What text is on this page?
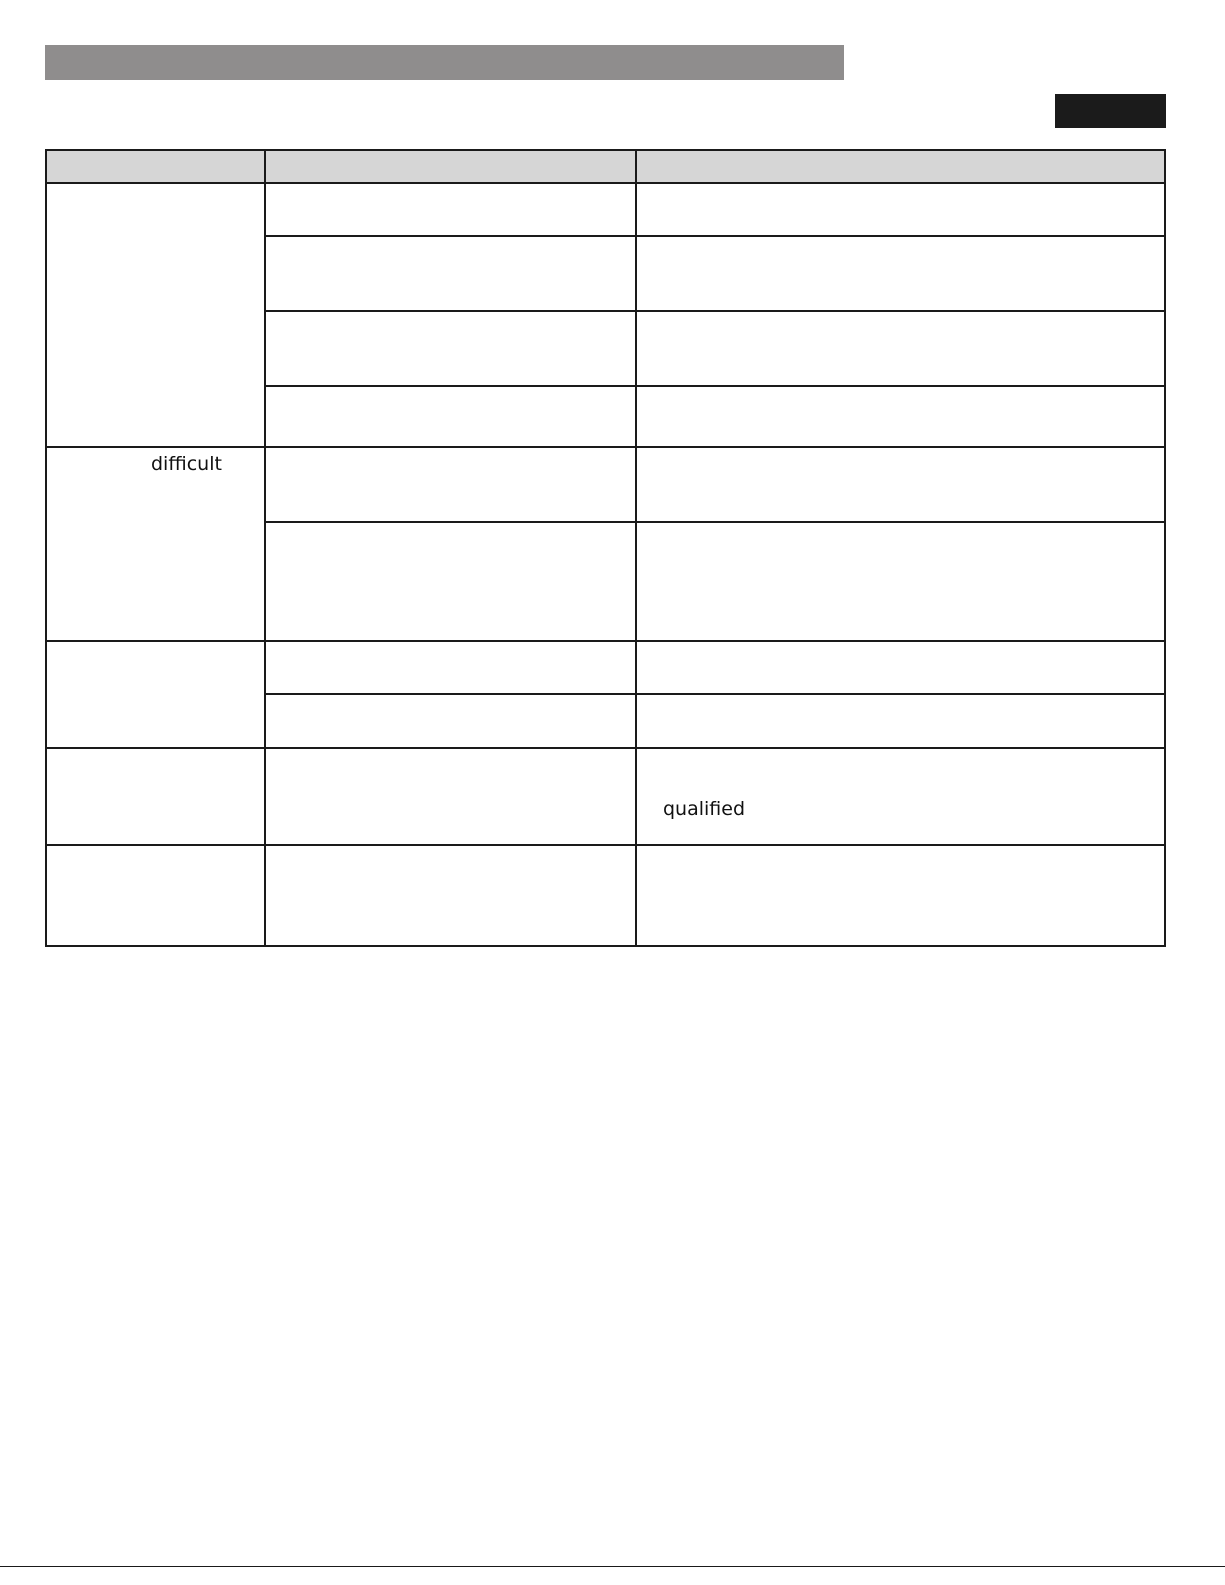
difficult
qualified
